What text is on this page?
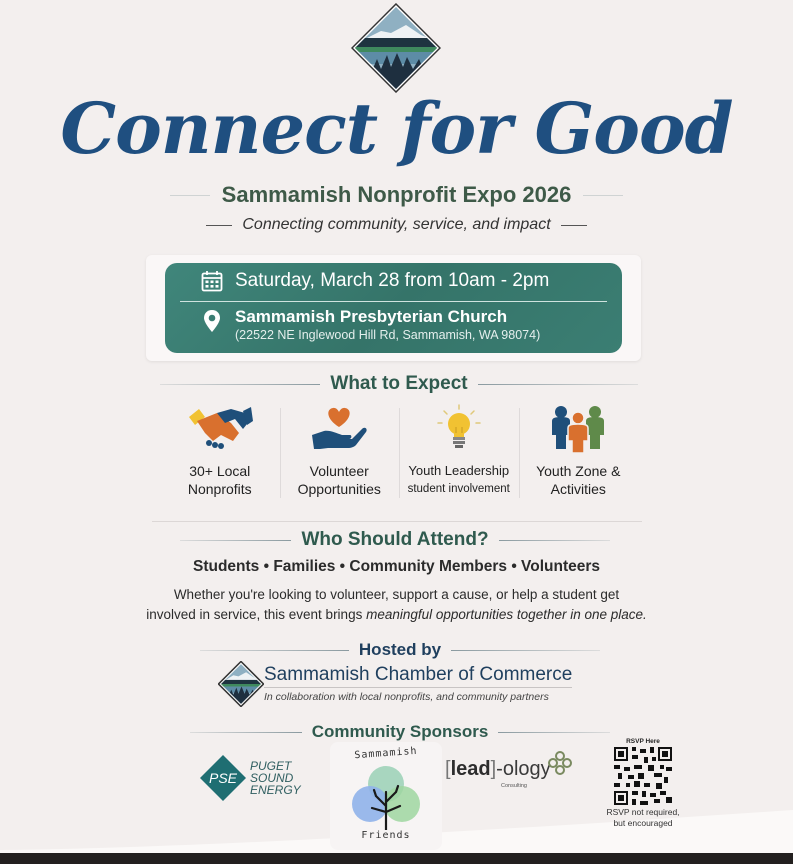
Connect for Good
Sammamish Nonprofit Expo 2026
Connecting community, service, and impact
Saturday, March 28 from 10am - 2pm
Sammamish Presbyterian Church
(22522 NE Inglewood Hill Rd, Sammamish, WA 98074)
What to Expect
30+ Local
Nonprofits
Volunteer
Opportunities
Youth Leadership
student involvement
Youth Zone &
Activities
Who Should Attend?
Students • Families • Community Members • Volunteers
Whether you're looking to volunteer, support a cause, or help a student get
involved in service, this event brings meaningful opportunities together in one place.
Hosted by
Sammamish Chamber of Commerce
In collaboration with local nonprofits, and community partners
Community Sponsors
PSE
PUGET
SOUND
ENERGY
Sammamish
Friends
[lead]-ology
Consulting
RSVP Here
RSVP not required,
but encouraged
